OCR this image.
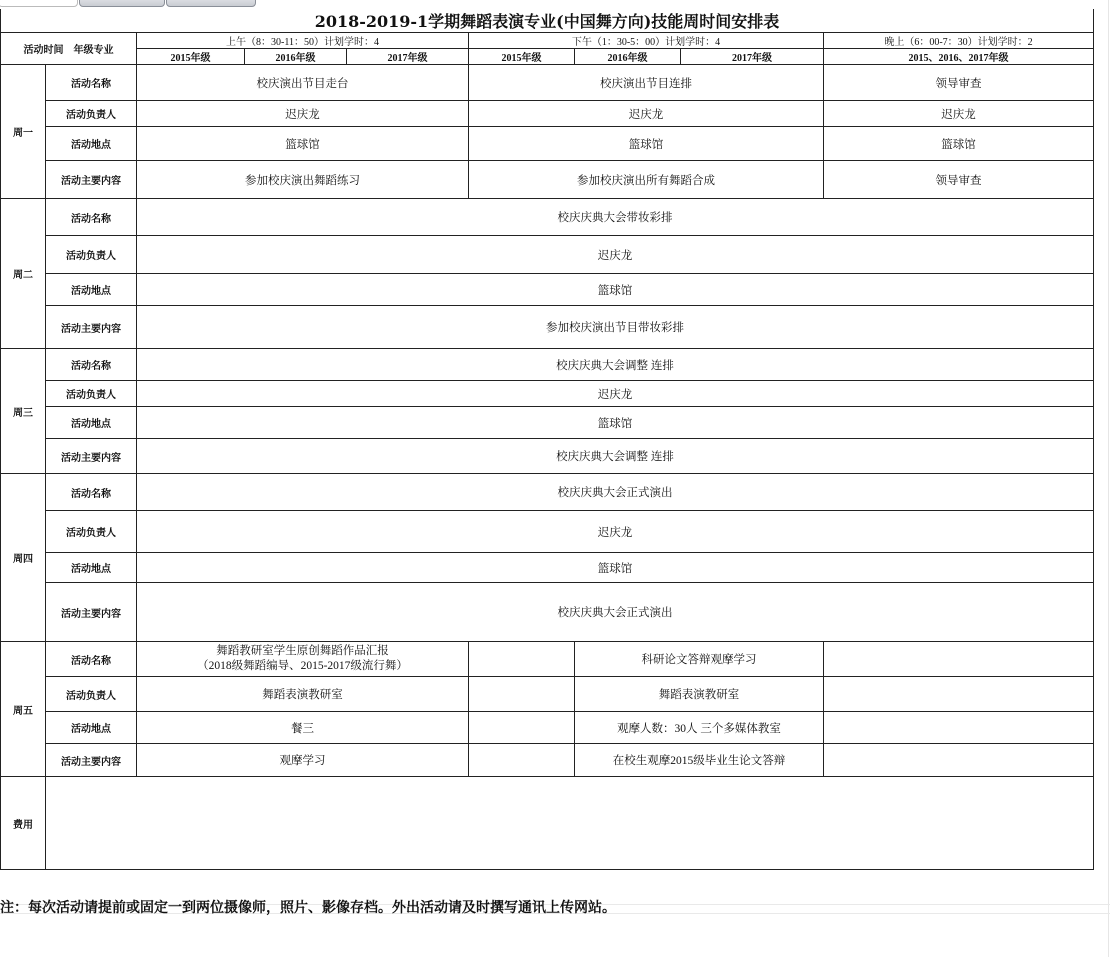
2018-2019-1学期舞蹈表演专业(中国舞方向)技能周时间安排表								
活动时间　年级专业		上午（8：30-11：50）计划学时：4			下午（1：30-5：00）计划学时：4			晚上（6：00-7：30）计划学时：2
		2015年级	2016年级	2017年级	2015年级	2016年级	2017年级	2015、2016、2017年级
周一	活动名称	校庆演出节目走台			校庆演出节目连排			领导审查
	活动负责人	迟庆龙			迟庆龙			迟庆龙
	活动地点	篮球馆			篮球馆			篮球馆
	活动主要内容	参加校庆演出舞蹈练习			参加校庆演出所有舞蹈合成			领导审查
周二	活动名称	校庆庆典大会带妆彩排						
	活动负责人	迟庆龙						
	活动地点	篮球馆						
	活动主要内容	参加校庆演出节目带妆彩排						
周三	活动名称	校庆庆典大会调整 连排						
	活动负责人	迟庆龙						
	活动地点	篮球馆						
	活动主要内容	校庆庆典大会调整 连排						
周四	活动名称	校庆庆典大会正式演出						
	活动负责人	迟庆龙						
	活动地点	篮球馆						
	活动主要内容	校庆庆典大会正式演出						
周五	活动名称	舞蹈教研室学生原创舞蹈作品汇报
（2018级舞蹈编导、2015-2017级流行舞）				科研论文答辩观摩学习		
	活动负责人	舞蹈表演教研室				舞蹈表演教研室		
	活动地点	餐三				观摩人数：30人 三个多媒体教室		
	活动主要内容	观摩学习				在校生观摩2015级毕业生论文答辩		
费用								
注：每次活动请提前或固定一到两位摄像师，照片、影像存档。外出活动请及时撰写通讯上传网站。
